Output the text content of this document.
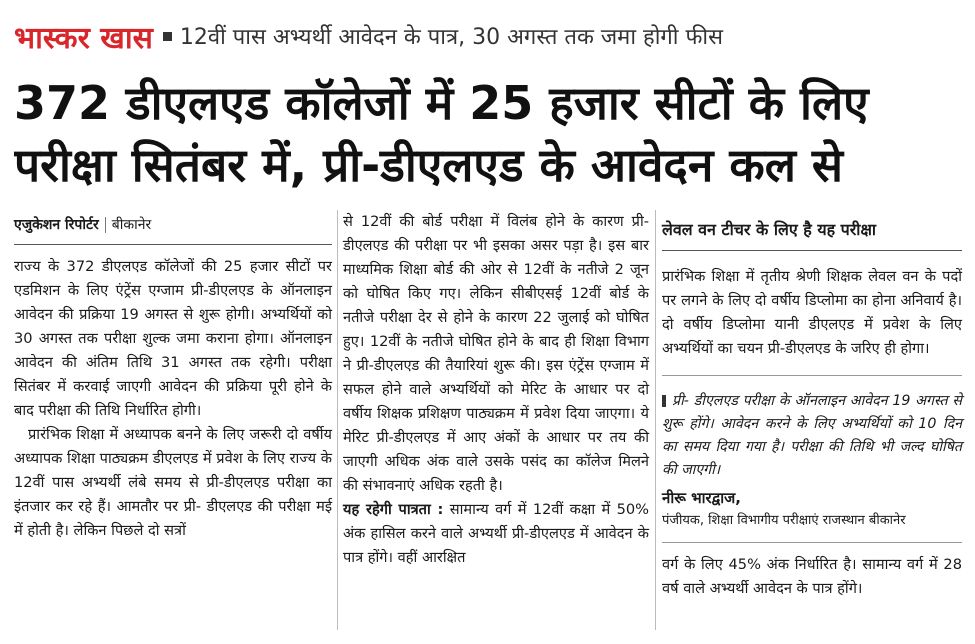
भास्कर खास 12वीं पास अभ्यर्थी आवेदन के पात्र, 30 अगस्त तक जमा होगी फीस
372 डीएलएड कॉलेजों में 25 हजार सीटों के लिए
परीक्षा सितंबर में, प्री-डीएलएड के आवेदन कल से
एजुकेशन रिपोर्टर बीकानेर

राज्य के 372 डीएलएड कॉलेजों की 25 हजार सीटों पर एडमिशन के लिए एंट्रेंस एग्जाम प्री-डीएलएड के ऑनलाइन आवेदन की प्रक्रिया 19 अगस्त से शुरू होगी। अभ्यर्थियों को 30 अगस्त तक परीक्षा शुल्क जमा कराना होगा। ऑनलाइन आवेदन की अंतिम तिथि 31 अगस्त तक रहेगी। परीक्षा सितंबर में करवाई जाएगी आवेदन की प्रक्रिया पूरी होने के बाद परीक्षा की तिथि निर्धारित होगी।

प्रारंभिक शिक्षा में अध्यापक बनने के लिए जरूरी दो वर्षीय अध्यापक शिक्षा पाठ्यक्रम डीएलएड में प्रवेश के लिए राज्य के 12वीं पास अभ्यर्थी लंबे समय से प्री-डीएलएड परीक्षा का इंतजार कर रहे हैं। आमतौर पर प्री- डीएलएड की परीक्षा मई में होती है। लेकिन पिछले दो सत्रों

से 12वीं की बोर्ड परीक्षा में विलंब होने के कारण प्री-डीएलएड की परीक्षा पर भी इसका असर पड़ा है। इस बार माध्यमिक शिक्षा बोर्ड की ओर से 12वीं के नतीजे 2 जून को घोषित किए गए। लेकिन सीबीएसई 12वीं बोर्ड के नतीजे परीक्षा देर से होने के कारण 22 जुलाई को घोषित हुए। 12वीं के नतीजे घोषित होने के बाद ही शिक्षा विभाग ने प्री-डीएलएड की तैयारियां शुरू की। इस एंट्रेंस एग्जाम में सफल होने वाले अभ्यर्थियों को मेरिट के आधार पर दो वर्षीय शिक्षक प्रशिक्षण पाठ्यक्रम में प्रवेश दिया जाएगा। ये मेरिट प्री-डीएलएड में आए अंकों के आधार पर तय की जाएगी अधिक अंक वाले उसके पसंद का कॉलेज मिलने की संभावनाएं अधिक रहती है।

यह रहेगी पात्रता : सामान्य वर्ग में 12वीं कक्षा में 50% अंक हासिल करने वाले अभ्यर्थी प्री-डीएलएड में आवेदन के पात्र होंगे। वहीं आरक्षित

लेवल वन टीचर के लिए है यह परीक्षा

प्रारंभिक शिक्षा में तृतीय श्रेणी शिक्षक लेवल वन के पदों पर लगने के लिए दो वर्षीय डिप्लोमा का होना अनिवार्य है। दो वर्षीय डिप्लोमा यानी डीएलएड में प्रवेश के लिए अभ्यर्थियों का चयन प्री-डीएलएड के जरिए ही होगा।

प्री- डीएलएड परीक्षा के ऑनलाइन आवेदन 19 अगस्त से शुरू होंगे। आवेदन करने के लिए अभ्यर्थियों को 10 दिन का समय दिया गया है। परीक्षा की तिथि भी जल्द घोषित की जाएगी।
नीरू भारद्वाज,
पंजीयक, शिक्षा विभागीय परीक्षाएं राजस्थान बीकानेर

वर्ग के लिए 45% अंक निर्धारित है। सामान्य वर्ग में 28 वर्ष वाले अभ्यर्थी आवेदन के पात्र होंगे।
